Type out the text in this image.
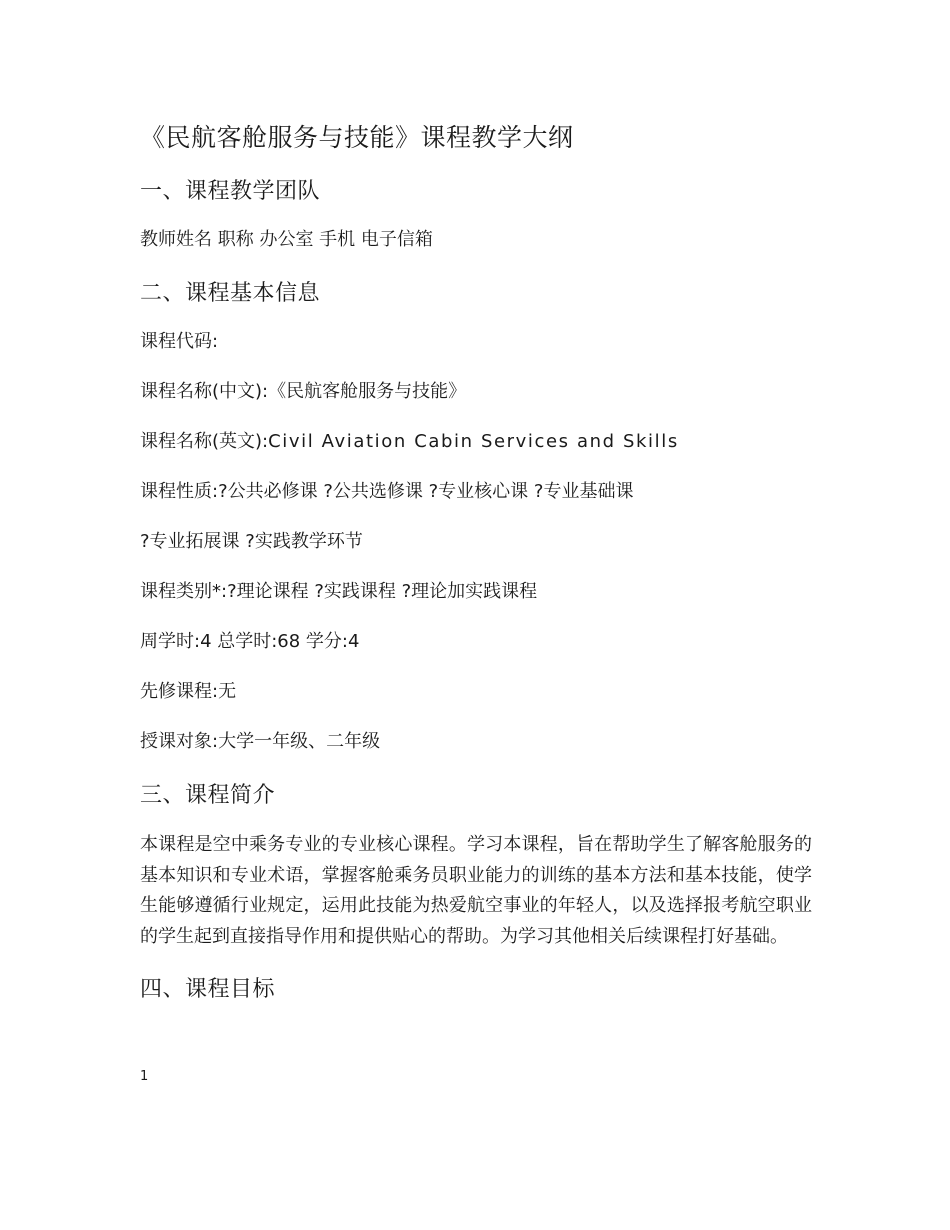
《民航客舱服务与技能》课程教学大纲
一、课程教学团队
教师姓名 职称 办公室 手机 电子信箱
二、课程基本信息
课程代码:
课程名称(中文):《民航客舱服务与技能》
课程名称(英文):Civil Aviation Cabin Services and Skills
课程性质:?公共必修课 ?公共选修课 ?专业核心课 ?专业基础课
?专业拓展课 ?实践教学环节
课程类别*:?理论课程 ?实践课程 ?理论加实践课程
周学时:4 总学时:68 学分:4
先修课程:无
授课对象:大学一年级、二年级
三、课程简介
本课程是空中乘务专业的专业核心课程。学习本课程，旨在帮助学生了解客舱服务的基本知识和专业术语，掌握客舱乘务员职业能力的训练的基本方法和基本技能，使学生能够遵循行业规定，运用此技能为热爱航空事业的年轻人，以及选择报考航空职业的学生起到直接指导作用和提供贴心的帮助。为学习其他相关后续课程打好基础。
四、课程目标
1
